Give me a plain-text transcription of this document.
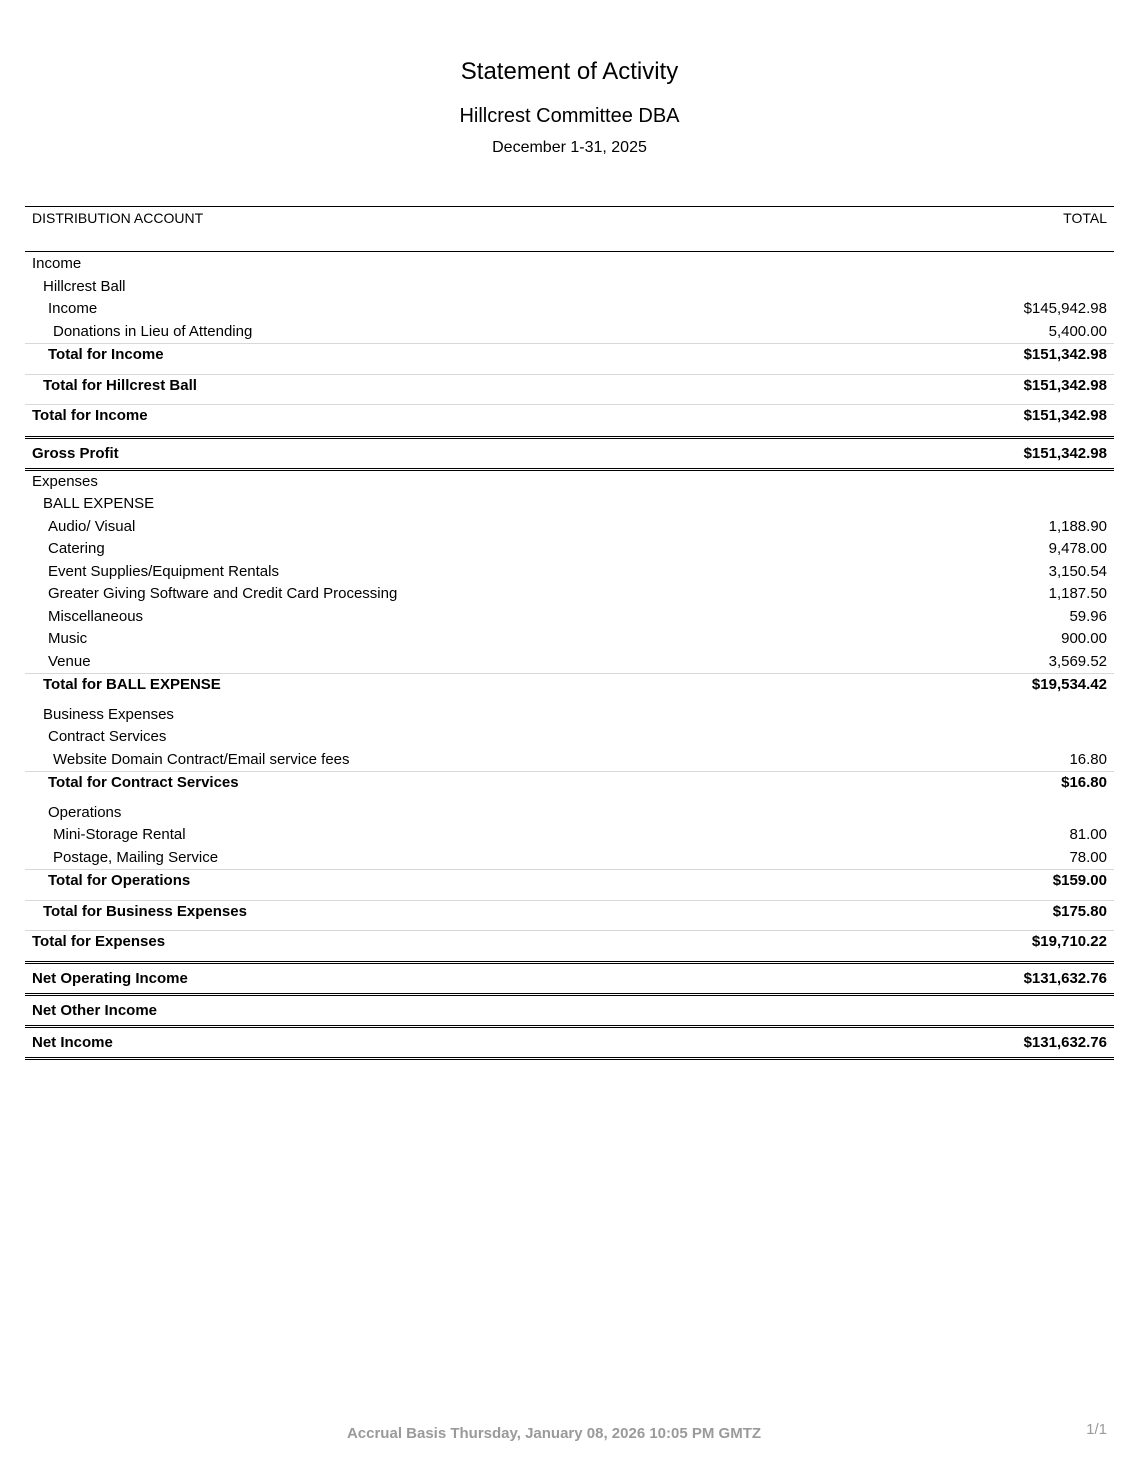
Statement of Activity
Hillcrest Committee DBA
December 1-31, 2025
DISTRIBUTION ACCOUNT	TOTAL
Income
Hillcrest Ball
Income	$145,942.98
Donations in Lieu of Attending	5,400.00
Total for Income	$151,342.98
Total for Hillcrest Ball	$151,342.98
Total for Income	$151,342.98
Gross Profit	$151,342.98
Expenses
BALL EXPENSE
Audio/ Visual	1,188.90
Catering	9,478.00
Event Supplies/Equipment Rentals	3,150.54
Greater Giving Software and Credit Card Processing	1,187.50
Miscellaneous	59.96
Music	900.00
Venue	3,569.52
Total for BALL EXPENSE	$19,534.42
Business Expenses
Contract Services
Website Domain Contract/Email service fees	16.80
Total for Contract Services	$16.80
Operations
Mini-Storage Rental	81.00
Postage, Mailing Service	78.00
Total for Operations	$159.00
Total for Business Expenses	$175.80
Total for Expenses	$19,710.22
Net Operating Income	$131,632.76
Net Other Income
Net Income	$131,632.76
Accrual Basis Thursday, January 08, 2026 10:05 PM GMTZ	1/1
